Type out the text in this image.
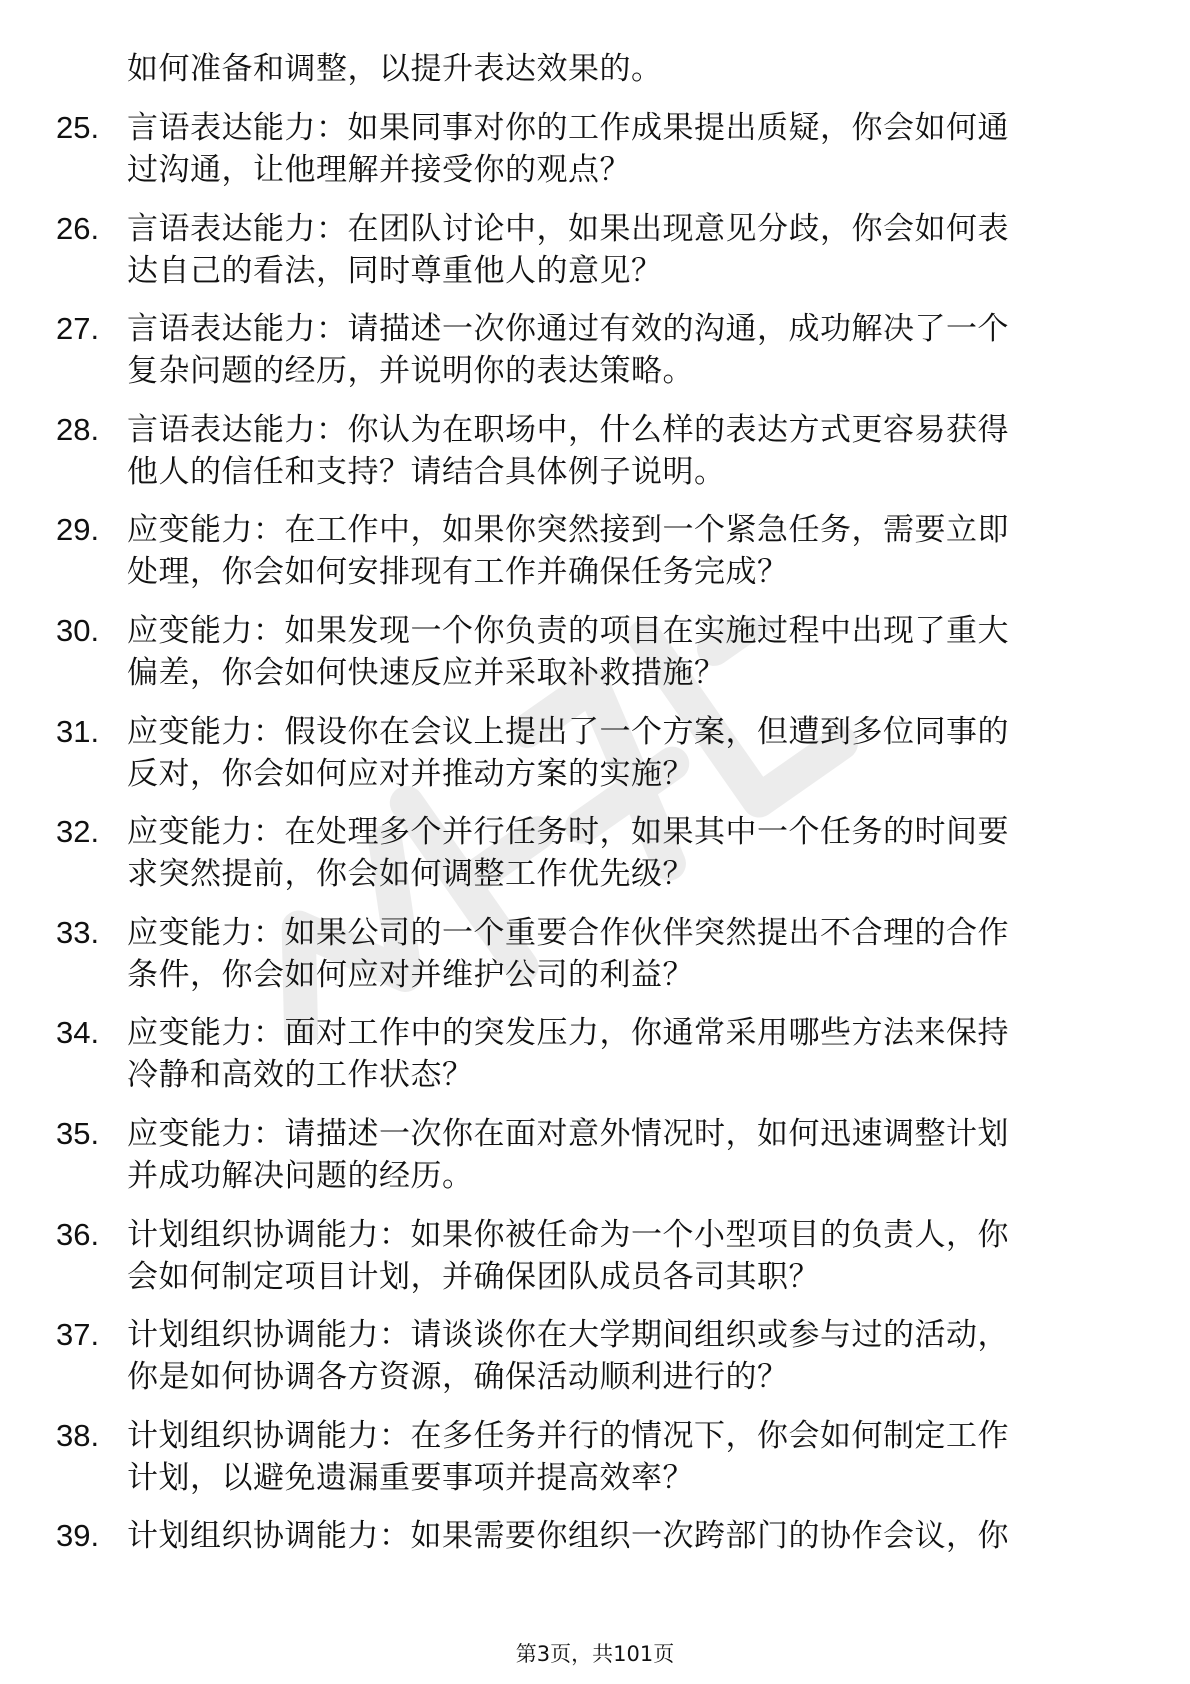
如何准备和调整，以提升表达效果的。
25. 言语表达能力：如果同事对你的工作成果提出质疑，你会如何通
过沟通，让他理解并接受你的观点？
26. 言语表达能力：在团队讨论中，如果出现意见分歧，你会如何表
达自己的看法，同时尊重他人的意见？
27. 言语表达能力：请描述一次你通过有效的沟通，成功解决了一个
复杂问题的经历，并说明你的表达策略。
28. 言语表达能力：你认为在职场中，什么样的表达方式更容易获得
他人的信任和支持？请结合具体例子说明。
29. 应变能力：在工作中，如果你突然接到一个紧急任务，需要立即
处理，你会如何安排现有工作并确保任务完成？
30. 应变能力：如果发现一个你负责的项目在实施过程中出现了重大
偏差，你会如何快速反应并采取补救措施？
31. 应变能力：假设你在会议上提出了一个方案，但遭到多位同事的
反对，你会如何应对并推动方案的实施？
32. 应变能力：在处理多个并行任务时，如果其中一个任务的时间要
求突然提前，你会如何调整工作优先级？
33. 应变能力：如果公司的一个重要合作伙伴突然提出不合理的合作
条件，你会如何应对并维护公司的利益？
34. 应变能力：面对工作中的突发压力，你通常采用哪些方法来保持
冷静和高效的工作状态？
35. 应变能力：请描述一次你在面对意外情况时，如何迅速调整计划
并成功解决问题的经历。
36. 计划组织协调能力：如果你被任命为一个小型项目的负责人，你
会如何制定项目计划，并确保团队成员各司其职？
37. 计划组织协调能力：请谈谈你在大学期间组织或参与过的活动，
你是如何协调各方资源，确保活动顺利进行的？
38. 计划组织协调能力：在多任务并行的情况下，你会如何制定工作
计划，以避免遗漏重要事项并提高效率？
39. 计划组织协调能力：如果需要你组织一次跨部门的协作会议，你
第3页，共101页
